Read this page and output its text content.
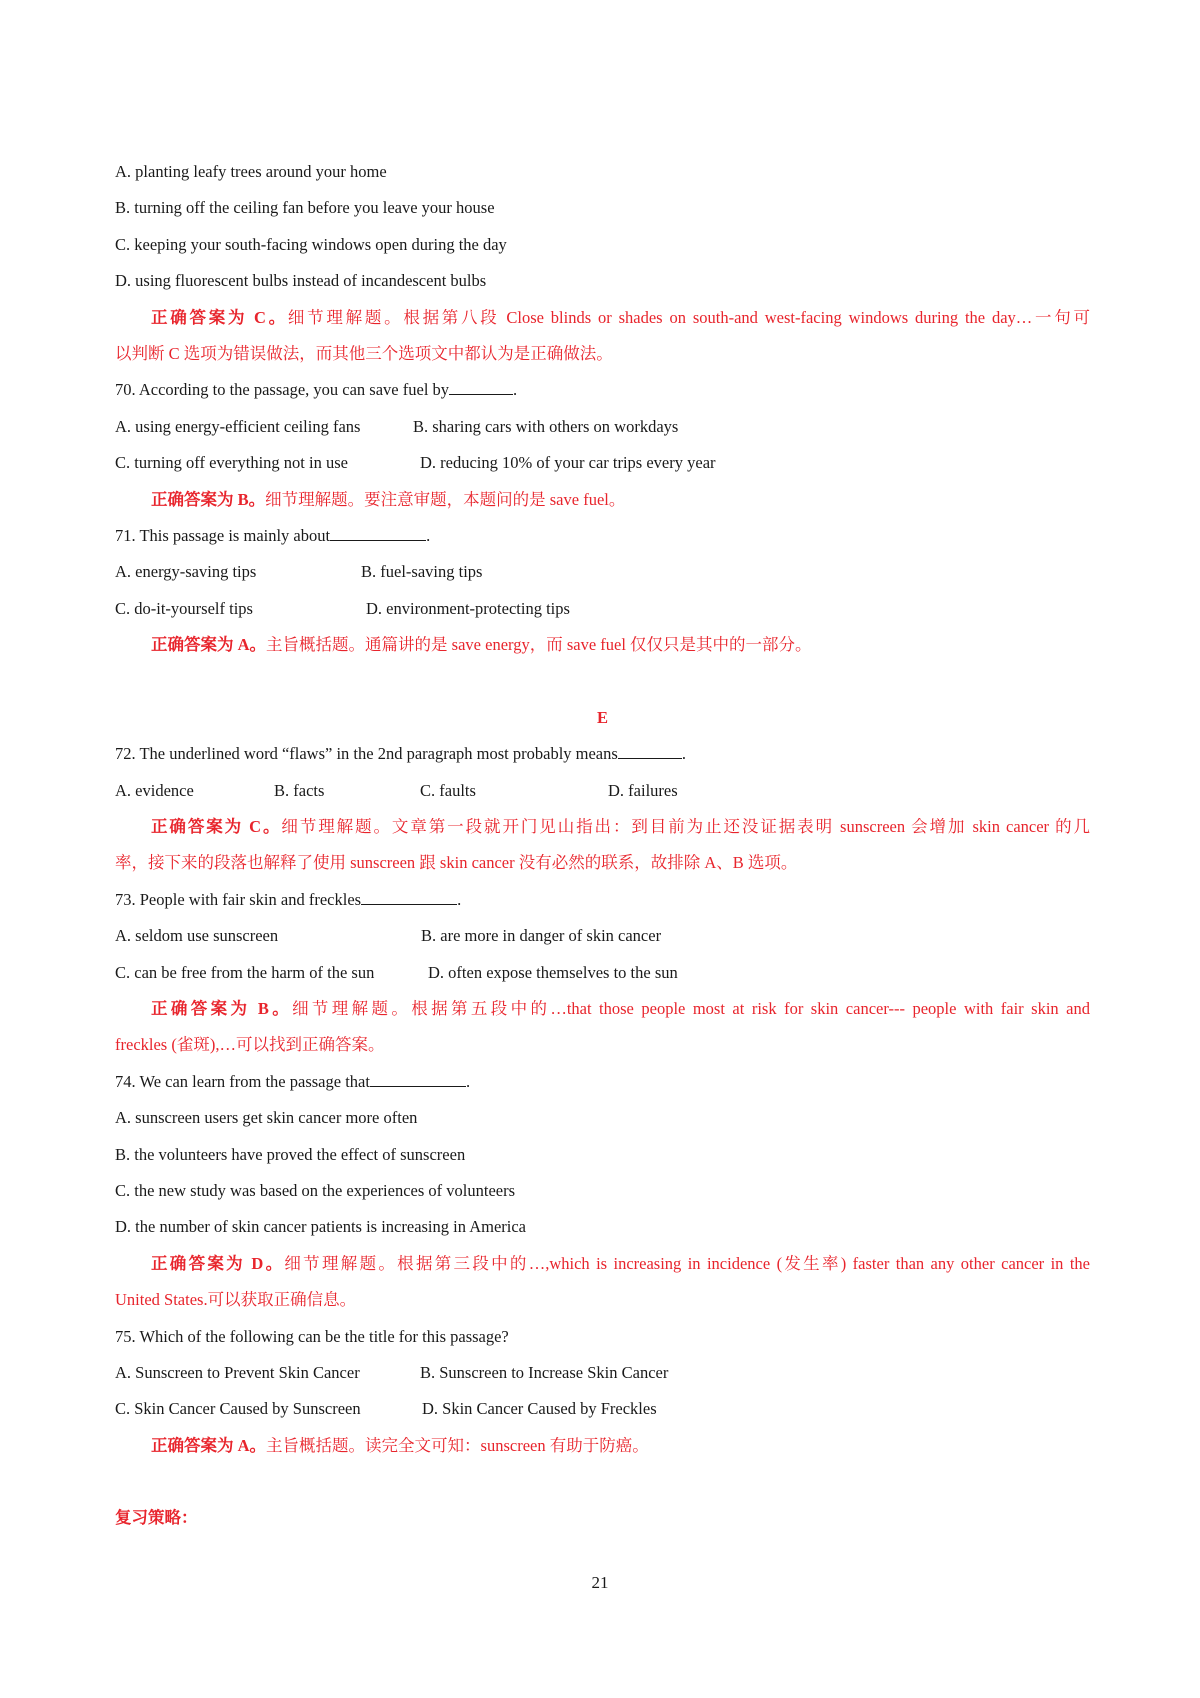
A. planting leafy trees around your home
B. turning off the ceiling fan before you leave your house
C. keeping your south-facing windows open during the day
D. using fluorescent bulbs instead of incandescent bulbs
正确答案为 C。细节理解题。根据第八段 Close blinds or shades on south-and west-facing windows during the day…一句可
以判断 C 选项为错误做法，而其他三个选项文中都认为是正确做法。
70. According to the passage, you can save fuel by	.
A. using energy-efficient ceiling fans	B. sharing cars with others on workdays
C. turning off everything not in use	D. reducing 10% of your car trips every year
正确答案为 B。细节理解题。要注意审题，本题问的是 save fuel。
71. This passage is mainly about	.
A. energy-saving tips	B. fuel-saving tips
C. do-it-yourself tips	D. environment-protecting tips
正确答案为 A。主旨概括题。通篇讲的是 save energy，而 save fuel 仅仅只是其中的一部分。
E
72. The underlined word “flaws” in the 2nd paragraph most probably means	.
A. evidence	B. facts	C. faults	D. failures
正确答案为 C。细节理解题。文章第一段就开门见山指出：到目前为止还没证据表明 sunscreen 会增加 skin cancer 的几
率，接下来的段落也解释了使用 sunscreen 跟 skin cancer 没有必然的联系，故排除 A、B 选项。
73. People with fair skin and freckles	.
A. seldom use sunscreen	B. are more in danger of skin cancer
C. can be free from the harm of the sun	D. often expose themselves to the sun
正确答案为 B。细节理解题。根据第五段中的…that those people most at risk for skin cancer--- people with fair skin and
freckles (雀斑),…可以找到正确答案。
74. We can learn from the passage that	.
A. sunscreen users get skin cancer more often
B. the volunteers have proved the effect of sunscreen
C. the new study was based on the experiences of volunteers
D. the number of skin cancer patients is increasing in America
正确答案为 D。细节理解题。根据第三段中的…,which is increasing in incidence (发生率) faster than any other cancer in the
United States.可以获取正确信息。
75. Which of the following can be the title for this passage?
A. Sunscreen to Prevent Skin Cancer	B. Sunscreen to Increase Skin Cancer
C. Skin Cancer Caused by Sunscreen	D. Skin Cancer Caused by Freckles
正确答案为 A。主旨概括题。读完全文可知：sunscreen 有助于防癌。
复习策略：
21
